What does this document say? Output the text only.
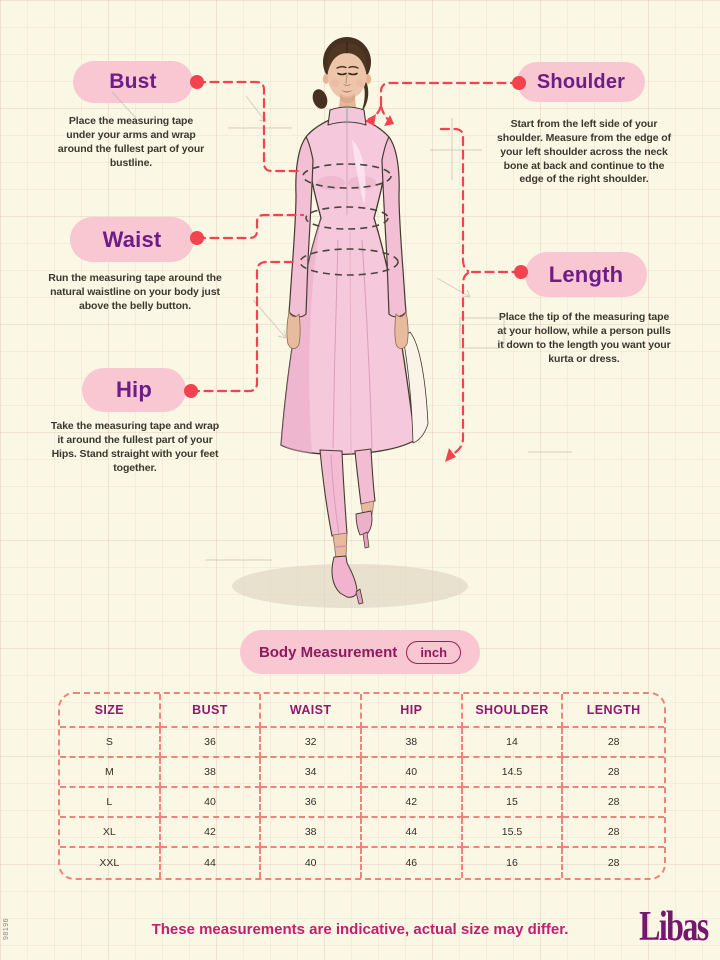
Bust
Waist
Hip
Shoulder
Length
Place the measuring tape under your arms and wrap around the fullest part of your bustline.
Run the measuring tape around the natural waistline on your body just above the belly button.
Take the measuring tape and wrap it around the fullest part of your Hips. Stand straight with your feet together.
Start from the left side of your shoulder. Measure from the edge of your left shoulder across the neck bone at back and continue to the edge of the right shoulder.
Place the tip of the measuring tape at your hollow, while a person pulls it down to the length you want your kurta or dress.
Body Measurement	inch
SIZE	BUST	WAIST	HIP	SHOULDER	LENGTH
S	36	32	38	14	28
M	38	34	40	14.5	28
L	40	36	42	15	28
XL	42	38	44	15.5	28
XXL	44	40	46	16	28
These measurements are indicative, actual size may differ.	Libas
98196
